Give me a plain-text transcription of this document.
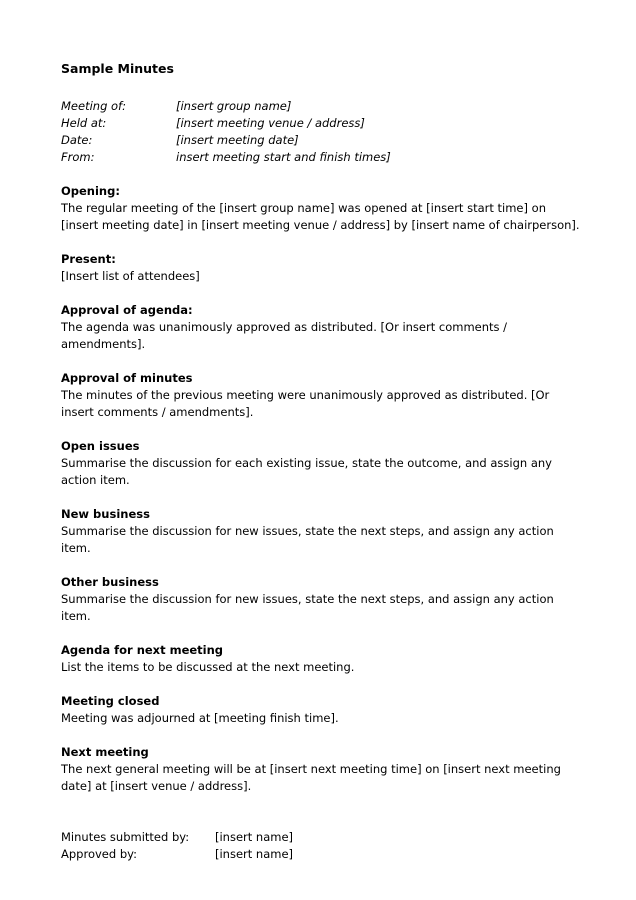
Sample Minutes
Meeting of:	[insert group name]
Held at:	[insert meeting venue / address]
Date:	[insert meeting date]
From:	insert meeting start and finish times]
Opening:
The regular meeting of the [insert group name] was opened at [insert start time] on [insert meeting date] in [insert meeting venue / address] by [insert name of chairperson].
Present:
[Insert list of attendees]
Approval of agenda:
The agenda was unanimously approved as distributed. [Or insert comments / amendments].
Approval of minutes
The minutes of the previous meeting were unanimously approved as distributed. [Or insert comments / amendments].
Open issues
Summarise the discussion for each existing issue, state the outcome, and assign any action item.
New business
Summarise the discussion for new issues, state the next steps, and assign any action item.
Other business
Summarise the discussion for new issues, state the next steps, and assign any action item.
Agenda for next meeting
List the items to be discussed at the next meeting.
Meeting closed
Meeting was adjourned at [meeting finish time].
Next meeting
The next general meeting will be at [insert next meeting time] on [insert next meeting date] at [insert venue / address].
Minutes submitted by:	[insert name]
Approved by:	[insert name]
